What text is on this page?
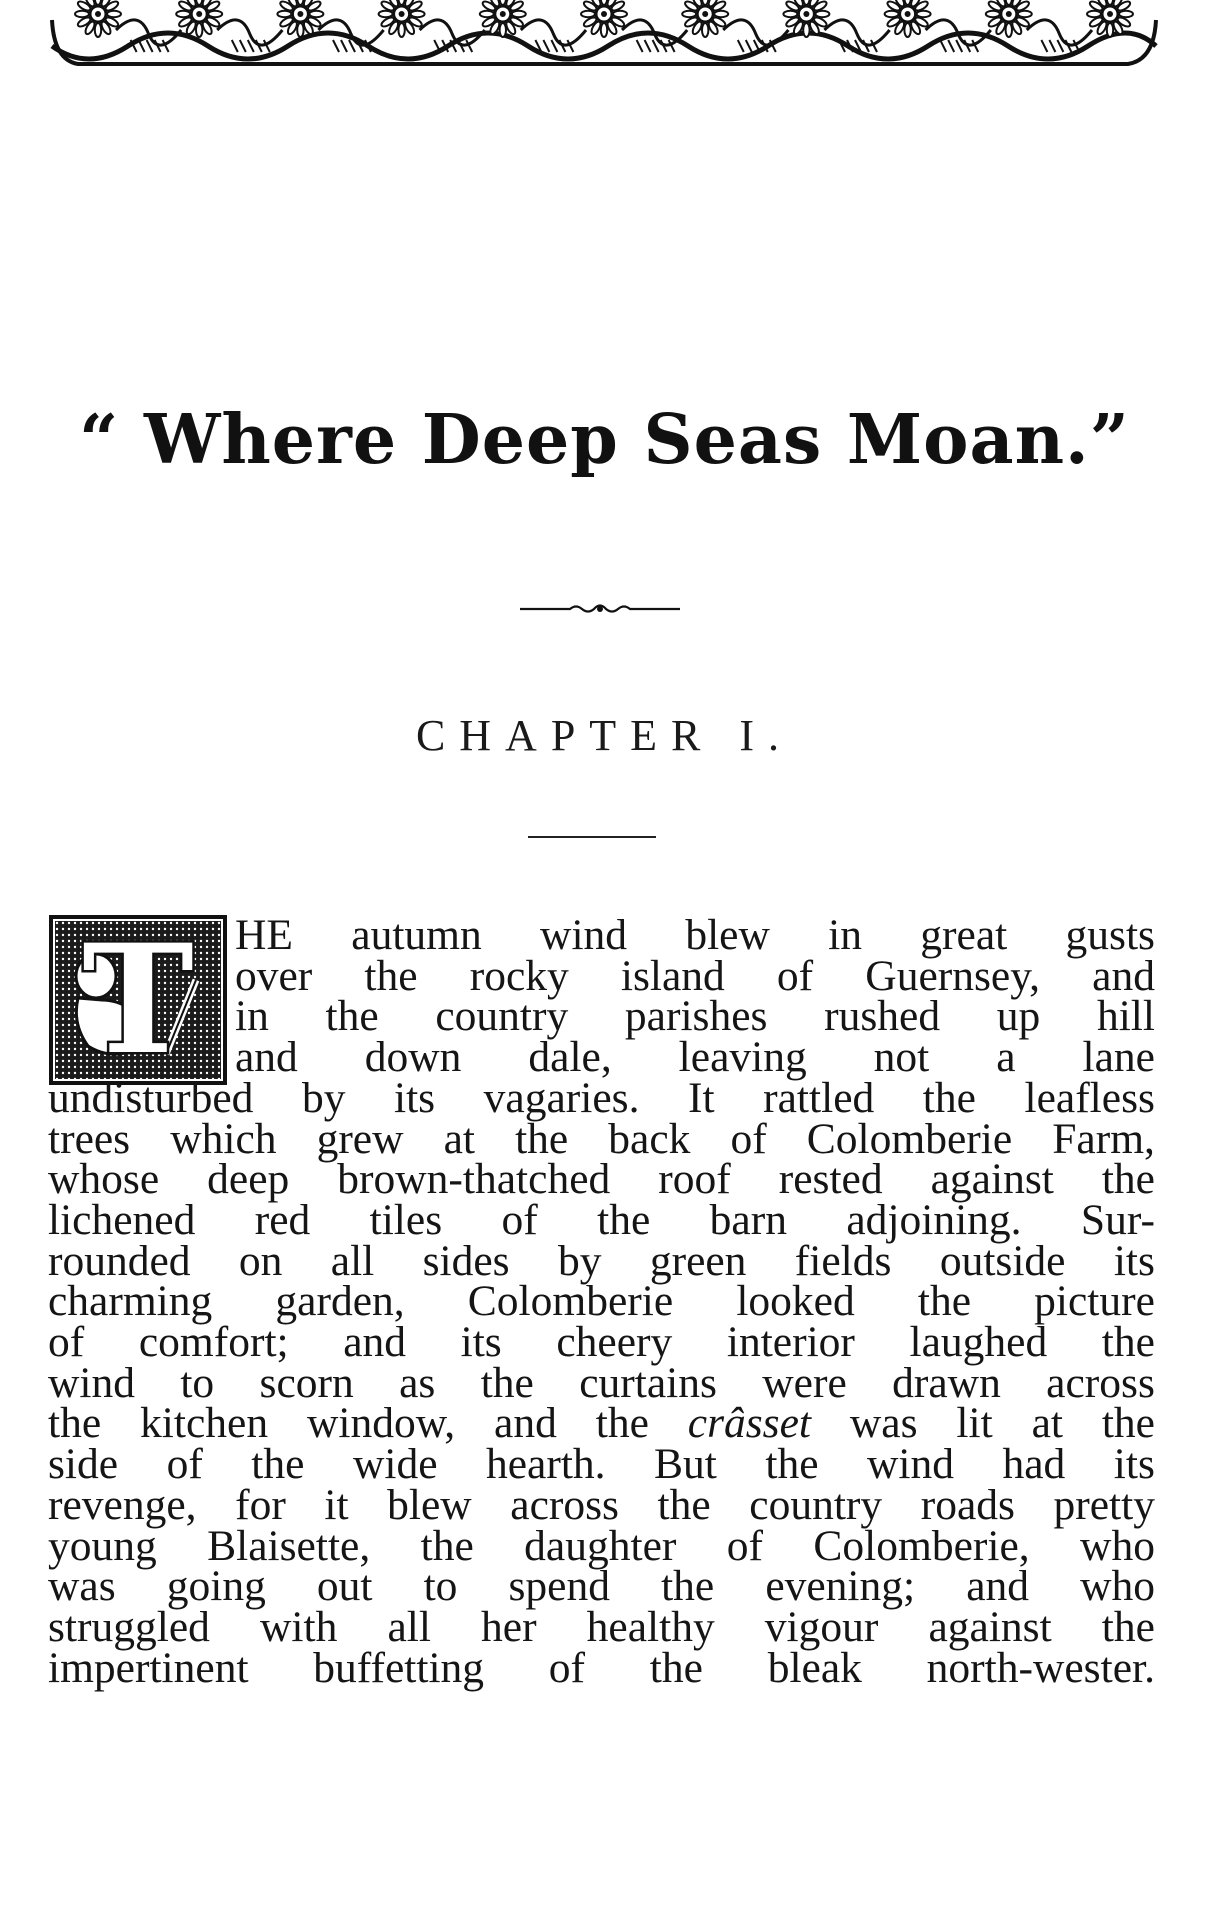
“ Where Deep Seas Moan.”
CHAPTER I.
T HE autumn wind blew in great gusts
over the rocky island of Guernsey, and
in the country parishes rushed up hill
and down dale, leaving not a lane
undisturbed by its vagaries. It rattled the leafless
trees which grew at the back of Colomberie Farm,
whose deep brown-thatched roof rested against the
lichened red tiles of the barn adjoining. Sur-
rounded on all sides by green fields outside its
charming garden, Colomberie looked the picture
of comfort; and its cheery interior laughed the
wind to scorn as the curtains were drawn across
the kitchen window, and the crâsset was lit at the
side of the wide hearth. But the wind had its
revenge, for it blew across the country roads pretty
young Blaisette, the daughter of Colomberie, who
was going out to spend the evening; and who
struggled with all her healthy vigour against the
impertinent buffetting of the bleak north-wester.
